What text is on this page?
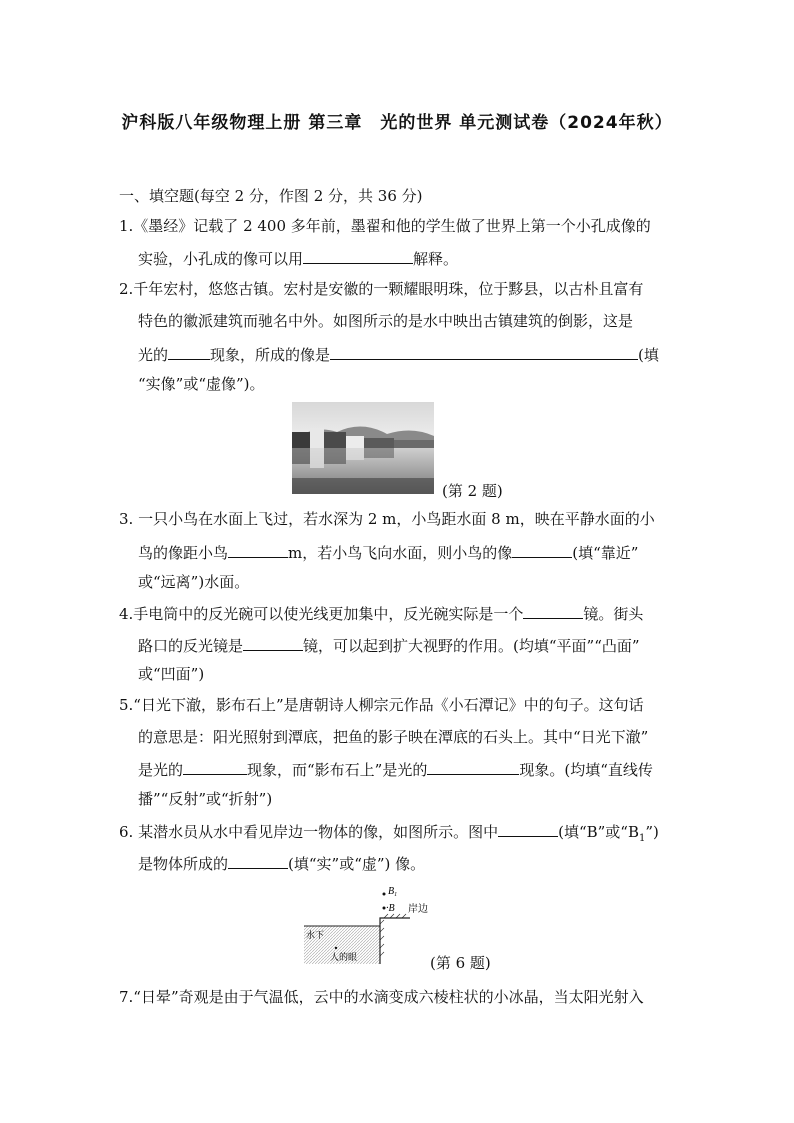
沪科版八年级物理上册 第三章　光的世界 单元测试卷（2024年秋）
一、填空题(每空 2 分，作图 2 分，共 36 分)
1.《墨经》记载了 2 400 多年前，墨翟和他的学生做了世界上第一个小孔成像的
实验，小孔成的像可以用	解释。
2.千年宏村，悠悠古镇。宏村是安徽的一颗耀眼明珠，位于黟县，以古朴且富有
特色的徽派建筑而驰名中外。如图所示的是水中映出古镇建筑的倒影，这是
光的	现象，所成的像是	(填
“实像”或“虚像”)。
(第 2 题)
3. 一只小鸟在水面上飞过，若水深为 2 m，小鸟距水面 8 m，映在平静水面的小
鸟的像距小鸟	m，若小鸟飞向水面，则小鸟的像	(填“靠近”
或“远离”)水面。
4.手电筒中的反光碗可以使光线更加集中，反光碗实际是一个	镜。街头
路口的反光镜是	镜，可以起到扩大视野的作用。(均填“平面”“凸面”
或“凹面”)
5.“日光下澈，影布石上”是唐朝诗人柳宗元作品《小石潭记》中的句子。这句话
的意思是：阳光照射到潭底，把鱼的影子映在潭底的石头上。其中“日光下澈”
是光的	现象，而“影布石上”是光的	现象。(均填“直线传
播”“反射”或“折射”)
6. 某潜水员从水中看见岸边一物体的像，如图所示。图中	(填“B”或“$B_1$”)
是物体所成的	(填“实”或“虚”) 像。
$B_1$
·B 岸边
水下
人的眼	(第 6 题)
7.“日晕”奇观是由于气温低，云中的水滴变成六棱柱状的小冰晶，当太阳光射入
